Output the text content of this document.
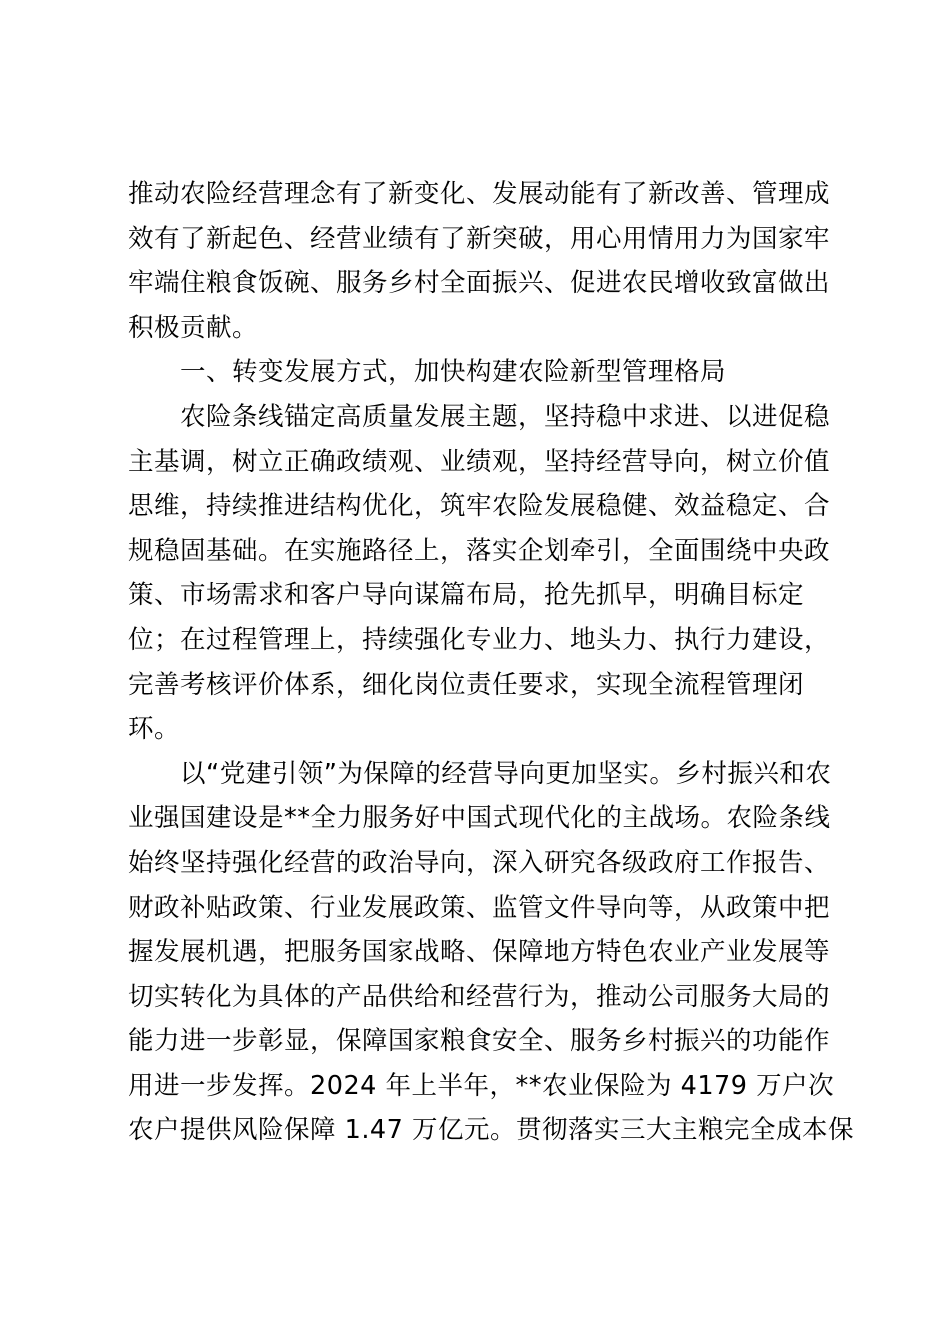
推动农险经营理念有了新变化、发展动能有了新改善、管理成
效有了新起色、经营业绩有了新突破，用心用情用力为国家牢
牢端住粮食饭碗、服务乡村全面振兴、促进农民增收致富做出
积极贡献。
一、转变发展方式，加快构建农险新型管理格局
农险条线锚定高质量发展主题，坚持稳中求进、以进促稳
主基调，树立正确政绩观、业绩观，坚持经营导向，树立价值
思维，持续推进结构优化，筑牢农险发展稳健、效益稳定、合
规稳固基础。在实施路径上，落实企划牵引，全面围绕中央政
策、市场需求和客户导向谋篇布局，抢先抓早，明确目标定
位；在过程管理上，持续强化专业力、地头力、执行力建设，
完善考核评价体系，细化岗位责任要求，实现全流程管理闭
环。
以“党建引领”为保障的经营导向更加坚实。乡村振兴和农
业强国建设是**全力服务好中国式现代化的主战场。农险条线
始终坚持强化经营的政治导向，深入研究各级政府工作报告、
财政补贴政策、行业发展政策、监管文件导向等，从政策中把
握发展机遇，把服务国家战略、保障地方特色农业产业发展等
切实转化为具体的产品供给和经营行为，推动公司服务大局的
能力进一步彰显，保障国家粮食安全、服务乡村振兴的功能作
用进一步发挥。2024 年上半年，**农业保险为 4179 万户次
农户提供风险保障 1.47 万亿元。贯彻落实三大主粮完全成本保
